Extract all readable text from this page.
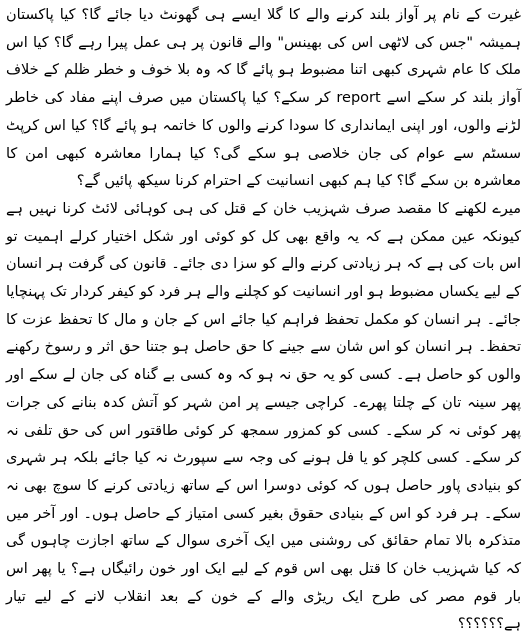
غیرت کے نام پر آواز بلند کرنے والے کا گلا ایسے ہی گھونٹ دیا جائے گا؟ کیا پاکستان ہمیشہ "جس کی لاٹھی اس کی بھینس" والے قانون پر ہی عمل پیرا رہے گا؟ کیا اس ملک کا عام شہری کبھی اتنا مضبوط ہو پائے گا کہ وہ بلا خوف و خطر ظلم کے خلاف آواز بلند کر سکے اسے report کر سکے؟ کیا پاکستان میں صرف اپنے مفاد کی خاطر لڑنے والوں، اور اپنی ایمانداری کا سودا کرنے والوں کا خاتمہ ہو پائے گا؟ کیا اس کرپٹ سسٹم سے عوام کی جان خلاصی ہو سکے گی؟ کیا ہمارا معاشرہ کبھی امن کا معاشرہ بن سکے گا؟ کیا ہم کبھی انسانیت کے احترام کرنا سیکھ پائیں گے؟

میرے لکھنے کا مقصد صرف شہزیب خان کے قتل کی ہی کوہائی لائٹ کرنا نہیں ہے کیونکہ عین ممکن ہے کہ یہ واقع بھی کل کو کوئی اور شکل اختیار کرلے اہمیت تو اس بات کی ہے کہ ہر زیادتی کرنے والے کو سزا دی جائے۔ قانون کی گرفت ہر انسان کے لیے یکساں مضبوط ہو اور انسانیت کو کچلنے والے ہر فرد کو کیفر کردار تک پہنچایا جائے۔ ہر انسان کو مکمل تحفظ فراہم کیا جائے اس کے جان و مال کا تحفظ عزت کا تحفظ۔ ہر انسان کو اس شان سے جینے کا حق حاصل ہو جتنا حق اثر و رسوخ رکھنے والوں کو حاصل ہے۔ کسی کو یہ حق نہ ہو کہ وہ کسی بے گناہ کی جان لے سکے اور پھر سینہ تان کے چلتا پھرے۔ کراچی جیسے پر امن شہر کو آتش کدہ بنانے کی جرات پھر کوئی نہ کر سکے۔ کسی کو کمزور سمجھ کر کوئی طاقتور اس کی حق تلفی نہ کر سکے۔ کسی کلچر کو یا فل ہونے کی وجہ سے سپورٹ نہ کیا جائے بلکہ ہر شہری کو بنیادی پاور حاصل ہوں کہ کوئی دوسرا اس کے ساتھ زیادتی کرنے کا سوچ بھی نہ سکے۔ ہر فرد کو اس کے بنیادی حقوق بغیر کسی امتیاز کے حاصل ہوں۔ اور آخر میں متذکرہ بالا تمام حقائق کی روشنی میں ایک آخری سوال کے ساتھ اجازت چاہوں گی کہ کیا شہزیب خان کا قتل بھی اس قوم کے لیے ایک اور خون رائیگاں ہے؟ یا پھر اس بار قوم مصر کی طرح ایک ریڑی والے کے خون کے بعد انقلاب لانے کے لیے تیار ہے؟؟؟؟؟؟
